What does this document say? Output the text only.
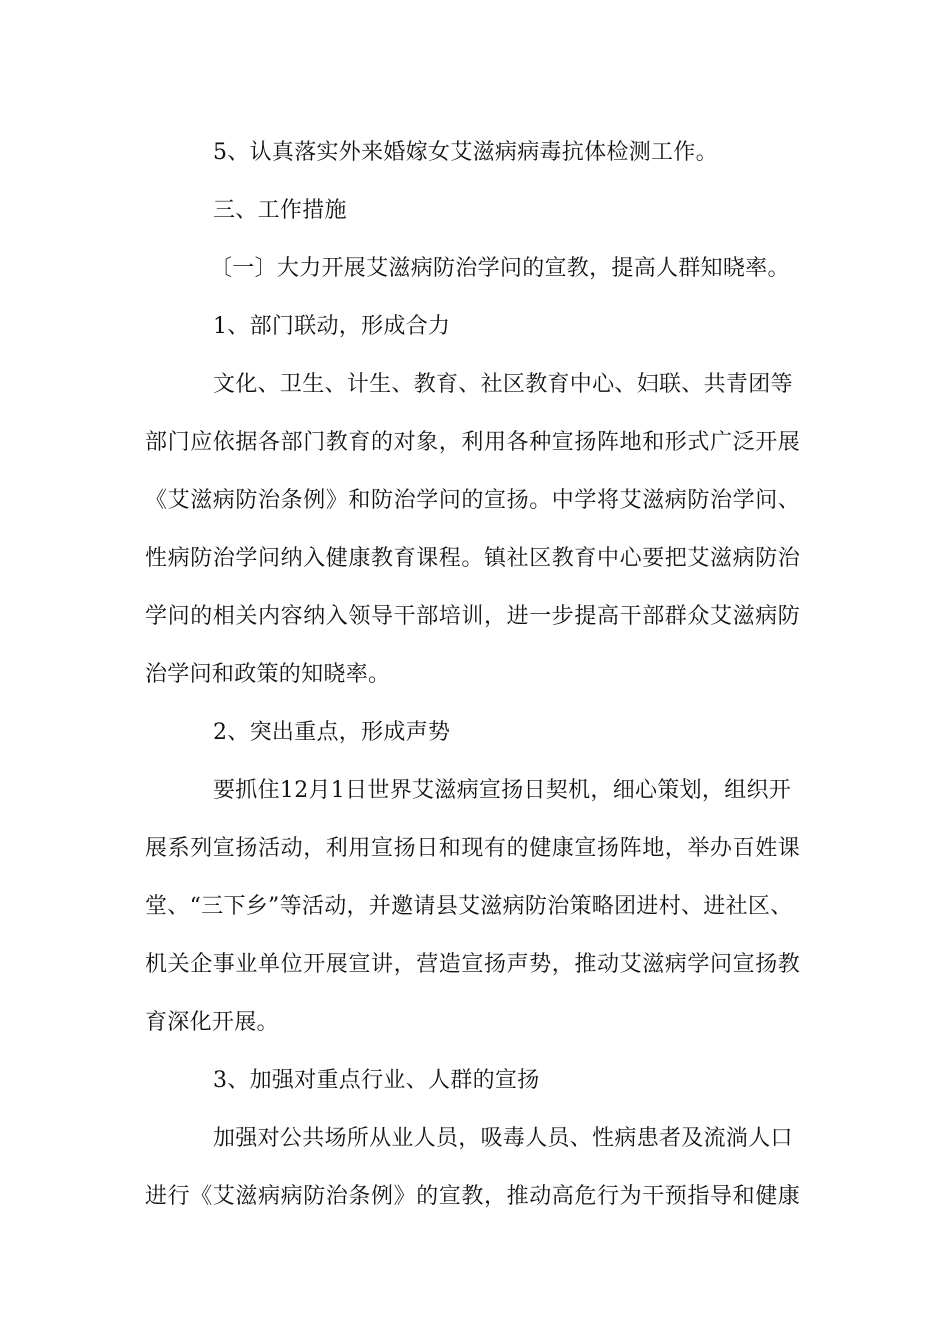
5、认真落实外来婚嫁女艾滋病病毒抗体检测工作。
三、工作措施
〔一〕大力开展艾滋病防治学问的宣教，提高人群知晓率。
1、部门联动，形成合力
文化、卫生、计生、教育、社区教育中心、妇联、共青团等
部门应依据各部门教育的对象，利用各种宣扬阵地和形式广泛开展
《艾滋病防治条例》和防治学问的宣扬。中学将艾滋病防治学问、
性病防治学问纳入健康教育课程。镇社区教育中心要把艾滋病防治
学问的相关内容纳入领导干部培训，进一步提高干部群众艾滋病防
治学问和政策的知晓率。
2、突出重点，形成声势
要抓住12月1日世界艾滋病宣扬日契机，细心策划，组织开
展系列宣扬活动，利用宣扬日和现有的健康宣扬阵地，举办百姓课
堂、“三下乡”等活动，并邀请县艾滋病防治策略团进村、进社区、
机关企事业单位开展宣讲，营造宣扬声势，推动艾滋病学问宣扬教
育深化开展。
3、加强对重点行业、人群的宣扬
加强对公共场所从业人员，吸毒人员、性病患者及流淌人口
进行《艾滋病病防治条例》的宣教，推动高危行为干预指导和健康
